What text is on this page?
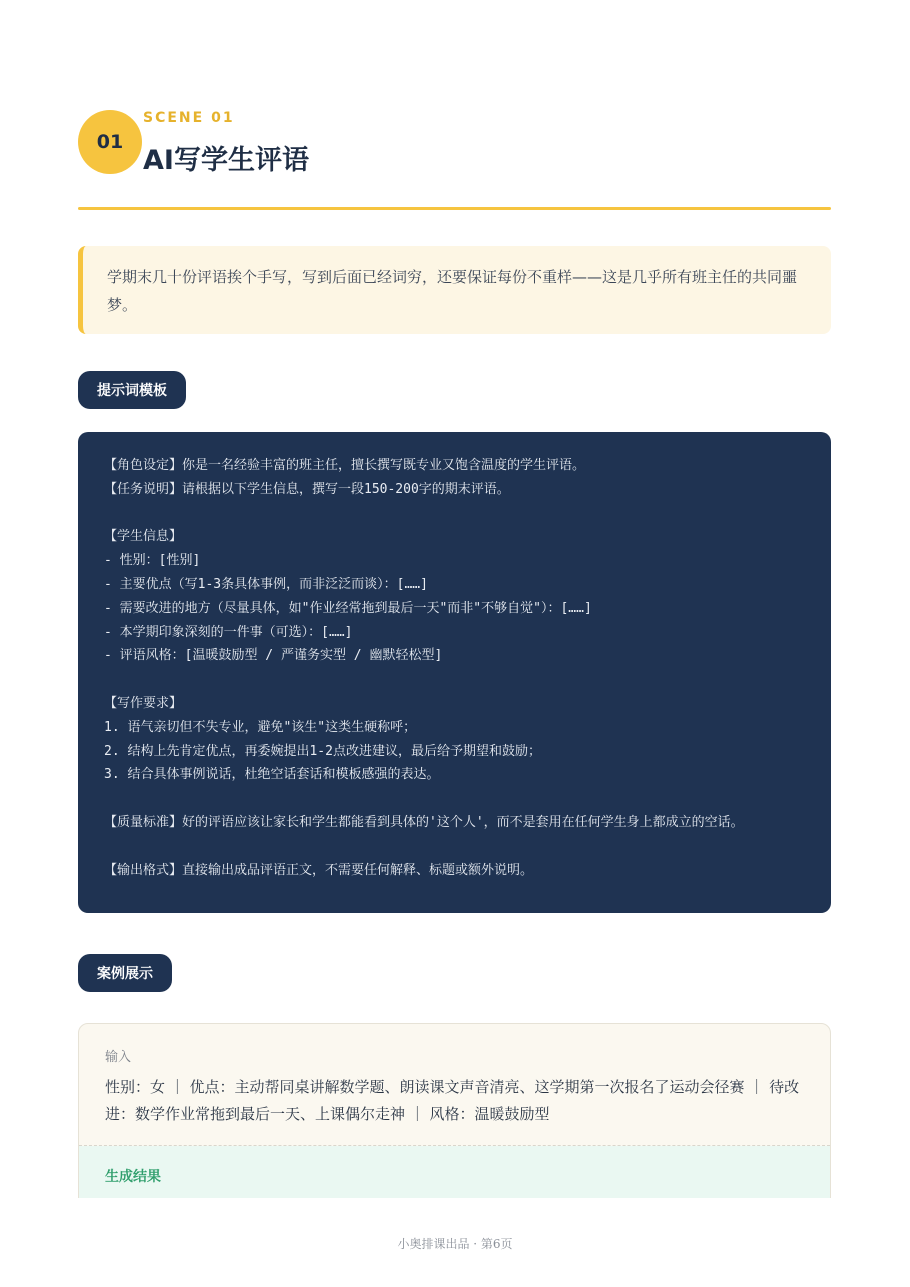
01
SCENE 01
AI写学生评语
学期末几十份评语挨个手写，写到后面已经词穷，还要保证每份不重样——这是几乎所有班主任的共同噩梦。
提示词模板
【角色设定】你是一名经验丰富的班主任，擅长撰写既专业又饱含温度的学生评语。
【任务说明】请根据以下学生信息，撰写一段150-200字的期末评语。
【学生信息】
- 性别：[性别]
- 主要优点（写1-3条具体事例，而非泛泛而谈）：[……]
- 需要改进的地方（尽量具体，如"作业经常拖到最后一天"而非"不够自觉"）：[……]
- 本学期印象深刻的一件事（可选）：[……]
- 评语风格：[温暖鼓励型 / 严谨务实型 / 幽默轻松型]
【写作要求】
1. 语气亲切但不失专业，避免"该生"这类生硬称呼；
2. 结构上先肯定优点，再委婉提出1-2点改进建议，最后给予期望和鼓励；
3. 结合具体事例说话，杜绝空话套话和模板感强的表达。
【质量标准】好的评语应该让家长和学生都能看到具体的'这个人'，而不是套用在任何学生身上都成立的空话。
【输出格式】直接输出成品评语正文，不需要任何解释、标题或额外说明。
案例展示
输入
性别：女 ｜ 优点：主动帮同桌讲解数学题、朗读课文声音清亮、这学期第一次报名了运动会径赛 ｜ 待改进：数学作业常拖到最后一天、上课偶尔走神 ｜ 风格：温暖鼓励型
生成结果
小奥排课出品 · 第6页
